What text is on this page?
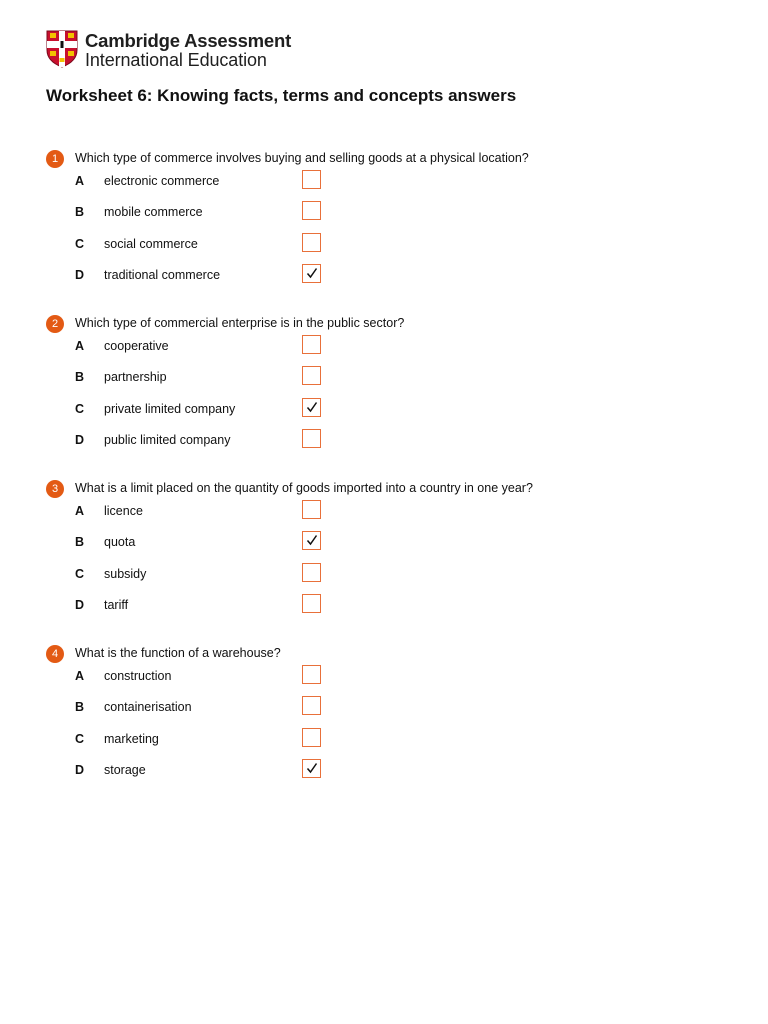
Cambridge Assessment
International Education
Worksheet 6: Knowing facts, terms and concepts answers
1	Which type of commerce involves buying and selling goods at a physical location?
A electronic commerce
B mobile commerce
C social commerce
D traditional commerce
2	Which type of commercial enterprise is in the public sector?
A cooperative
B partnership
C private limited company
D public limited company
3	What is a limit placed on the quantity of goods imported into a country in one year?
A licence
B quota
C subsidy
D tariff
4	What is the function of a warehouse?
A construction
B containerisation
C marketing
D storage
